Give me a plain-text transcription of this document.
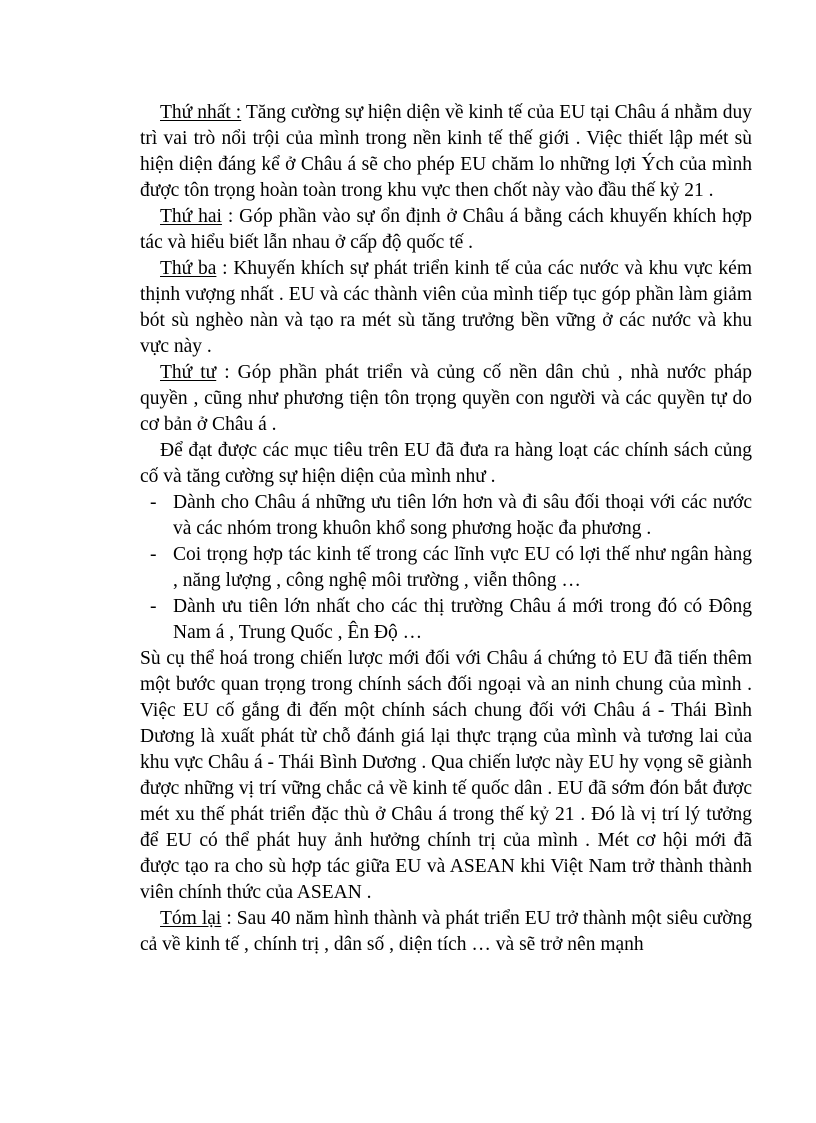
Thứ nhất : Tăng cường sự hiện diện về kinh tế của EU tại Châu á nhằm duy trì vai trò nổi trội của mình trong nền kinh tế thế giới . Việc thiết lập mét sù hiện diện đáng kể ở Châu á sẽ cho phép EU chăm lo những lợi Ých của mình được tôn trọng hoàn toàn trong khu vực then chốt này vào đầu thế kỷ 21 .

Thứ hai : Góp phần vào sự ổn định ở Châu á bằng cách khuyến khích hợp tác và hiểu biết lẫn nhau ở cấp độ quốc tế .

Thứ ba : Khuyến khích sự phát triển kinh tế của các nước và khu vực kém thịnh vượng nhất . EU và các thành viên của mình tiếp tục góp phần làm giảm bót sù nghèo nàn và tạo ra mét sù tăng trưởng bền vững ở các nước và khu vực này .

Thứ tư : Góp phần phát triển và củng cố nền dân chủ , nhà nước pháp quyền , cũng như phương tiện tôn trọng quyền con người và các quyền tự do cơ bản ở Châu á .

Để đạt được các mục tiêu trên EU đã đưa ra hàng loạt các chính sách củng cố và tăng cường sự hiện diện của mình như .

- Dành cho Châu á những ưu tiên lớn hơn và đi sâu đối thoại với các nước và các nhóm trong khuôn khổ song phương hoặc đa phương .
- Coi trọng hợp tác kinh tế trong các lĩnh vực EU có lợi thế như ngân hàng , năng lượng , công nghệ môi trường , viễn thông …
- Dành ưu tiên lớn nhất cho các thị trường Châu á mới trong đó có Đông Nam á , Trung Quốc , Ên Độ …

Sù cụ thể hoá trong chiến lược mới đối với Châu á chứng tỏ EU đã tiến thêm một bước quan trọng trong chính sách đối ngoại và an ninh chung của mình . Việc EU cố gắng đi đến một chính sách chung đối với Châu á - Thái Bình Dương là xuất phát từ chỗ đánh giá lại thực trạng của mình và tương lai của khu vực Châu á - Thái Bình Dương . Qua chiến lược này EU hy vọng sẽ giành được những vị trí vững chắc cả về kinh tế quốc dân . EU đã sớm đón bắt được mét xu thế phát triển đặc thù ở Châu á trong thế kỷ 21 . Đó là vị trí lý tưởng để EU có thể phát huy ảnh hưởng chính trị của mình . Mét cơ hội mới đã được tạo ra cho sù hợp tác giữa EU và ASEAN khi Việt Nam trở thành thành viên chính thức của ASEAN .

Tóm lại : Sau 40 năm hình thành và phát triển EU trở thành một siêu cường cả về kinh tế , chính trị , dân số , diện tích … và sẽ trở nên mạnh
